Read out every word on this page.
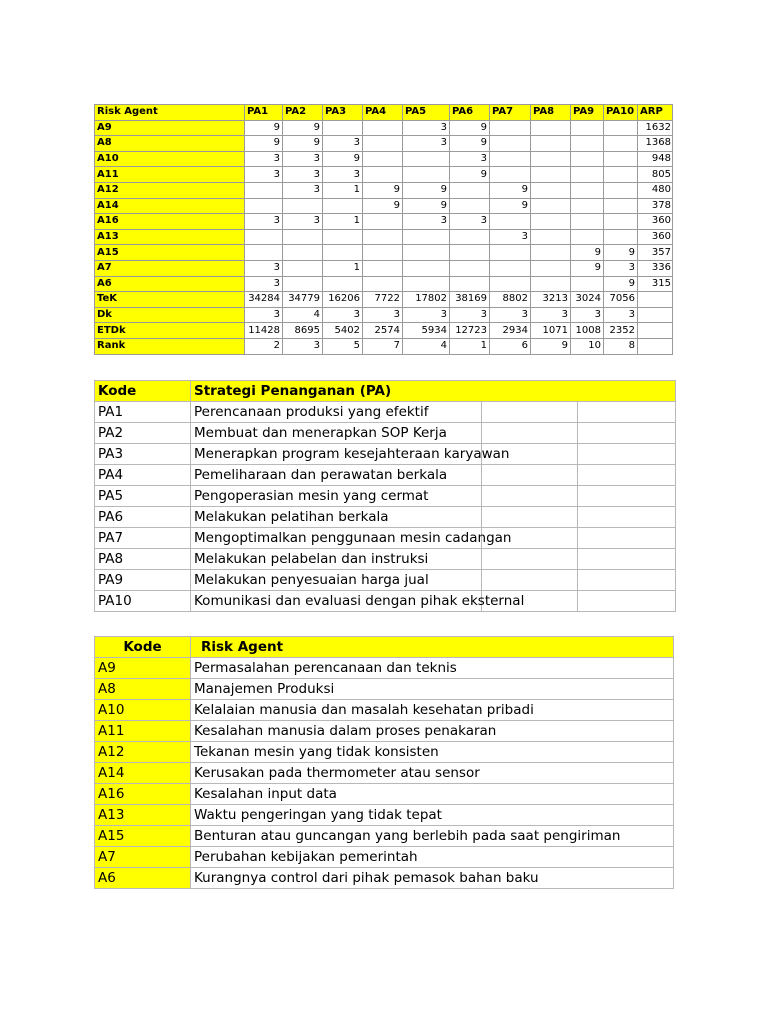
Risk Agent	PA1	PA2	PA3	PA4	PA5	PA6	PA7	PA8	PA9	PA10	ARP
A9	9	9			3	9					1632
A8	9	9	3		3	9					1368
A10	3	3	9			3					948
A11	3	3	3			9					805
A12		3	1	9	9		9				480
A14				9	9		9				378
A16	3	3	1		3	3					360
A13							3				360
A15									9	9	357
A7	3		1						9	3	336
A6	3									9	315
TeK	34284	34779	16206	7722	17802	38169	8802	3213	3024	7056	
Dk	3	4	3	3	3	3	3	3	3	3	
ETDk	11428	8695	5402	2574	5934	12723	2934	1071	1008	2352	
Rank	2	3	5	7	4	1	6	9	10	8	
Kode	Strategi Penanganan (PA)		
PA1	Perencanaan produksi yang efektif		
PA2	Membuat dan menerapkan SOP Kerja		
PA3	Menerapkan program kesejahteraan karyawan		
PA4	Pemeliharaan dan perawatan berkala		
PA5	Pengoperasian mesin yang cermat		
PA6	Melakukan pelatihan berkala		
PA7	Mengoptimalkan penggunaan mesin cadangan		
PA8	Melakukan pelabelan dan instruksi		
PA9	Melakukan penyesuaian harga jual		
PA10	Komunikasi dan evaluasi dengan pihak eksternal		
Kode	Risk Agent
A9	Permasalahan perencanaan dan teknis
A8	Manajemen Produksi
A10	Kelalaian manusia dan masalah kesehatan pribadi
A11	Kesalahan manusia dalam proses penakaran
A12	Tekanan mesin yang tidak konsisten
A14	Kerusakan pada thermometer atau sensor
A16	Kesalahan input data
A13	Waktu pengeringan yang tidak tepat
A15	Benturan atau guncangan yang berlebih pada saat pengiriman
A7	Perubahan kebijakan pemerintah
A6	Kurangnya control dari pihak pemasok bahan baku
